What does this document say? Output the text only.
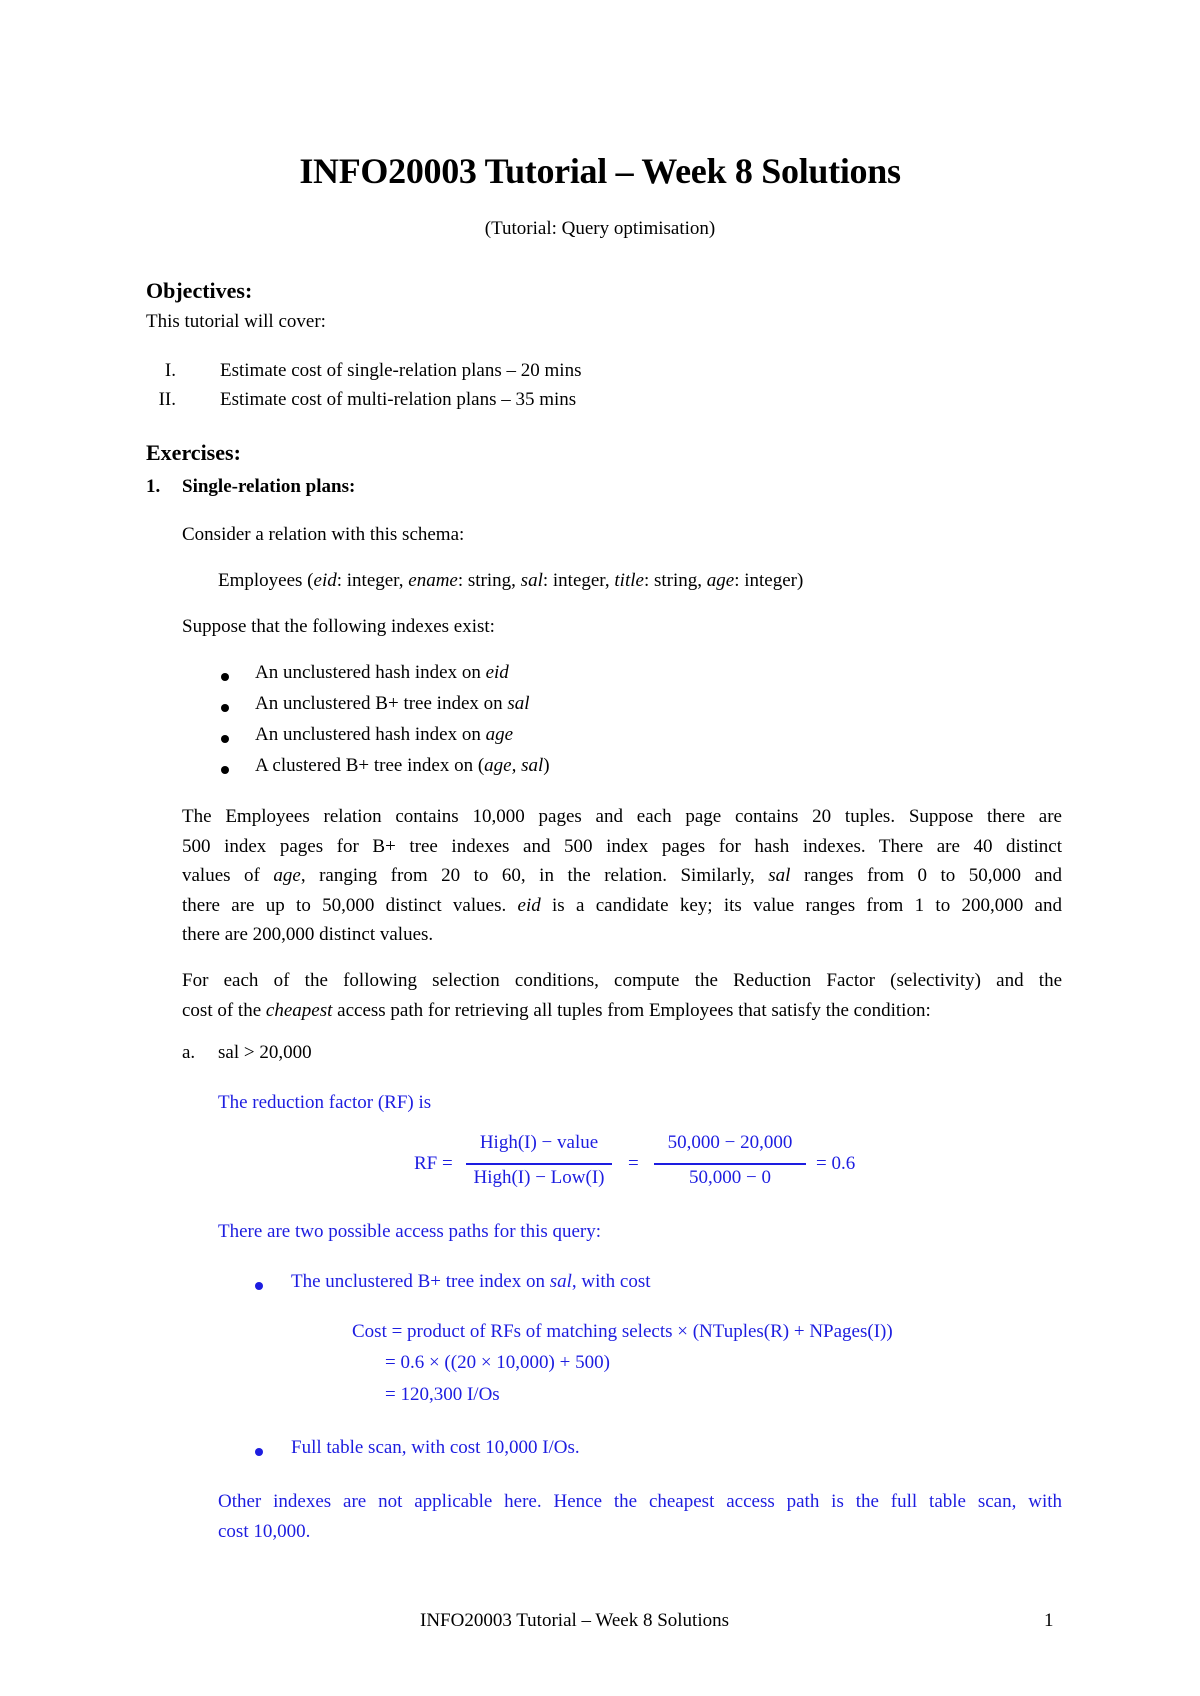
INFO20003 Tutorial – Week 8 Solutions
(Tutorial: Query optimisation)
Objectives:
This tutorial will cover:
I. Estimate cost of single-relation plans – 20 mins
II. Estimate cost of multi-relation plans – 35 mins
Exercises:
1. Single-relation plans:
Consider a relation with this schema:
Employees (eid: integer, ename: string, sal: integer, title: string, age: integer)
Suppose that the following indexes exist:
An unclustered hash index on eid
An unclustered B+ tree index on sal
An unclustered hash index on age
A clustered B+ tree index on (age, sal)
The Employees relation contains 10,000 pages and each page contains 20 tuples. Suppose there are
500 index pages for B+ tree indexes and 500 index pages for hash indexes. There are 40 distinct
values of age, ranging from 20 to 60, in the relation. Similarly, sal ranges from 0 to 50,000 and
there are up to 50,000 distinct values. eid is a candidate key; its value ranges from 1 to 200,000 and
there are 200,000 distinct values.
For each of the following selection conditions, compute the Reduction Factor (selectivity) and the
cost of the cheapest access path for retrieving all tuples from Employees that satisfy the condition:
a. sal > 20,000
The reduction factor (RF) is
RF =
High(I) − value
High(I) − Low(I)
=
50,000 − 20,000
50,000 − 0
= 0.6
There are two possible access paths for this query:
The unclustered B+ tree index on sal, with cost
Cost = product of RFs of matching selects × (NTuples(R) + NPages(I))
= 0.6 × ((20 × 10,000) + 500)
= 120,300 I/Os
Full table scan, with cost 10,000 I/Os.
Other indexes are not applicable here. Hence the cheapest access path is the full table scan, with
cost 10,000.
INFO20003 Tutorial – Week 8 Solutions	1
